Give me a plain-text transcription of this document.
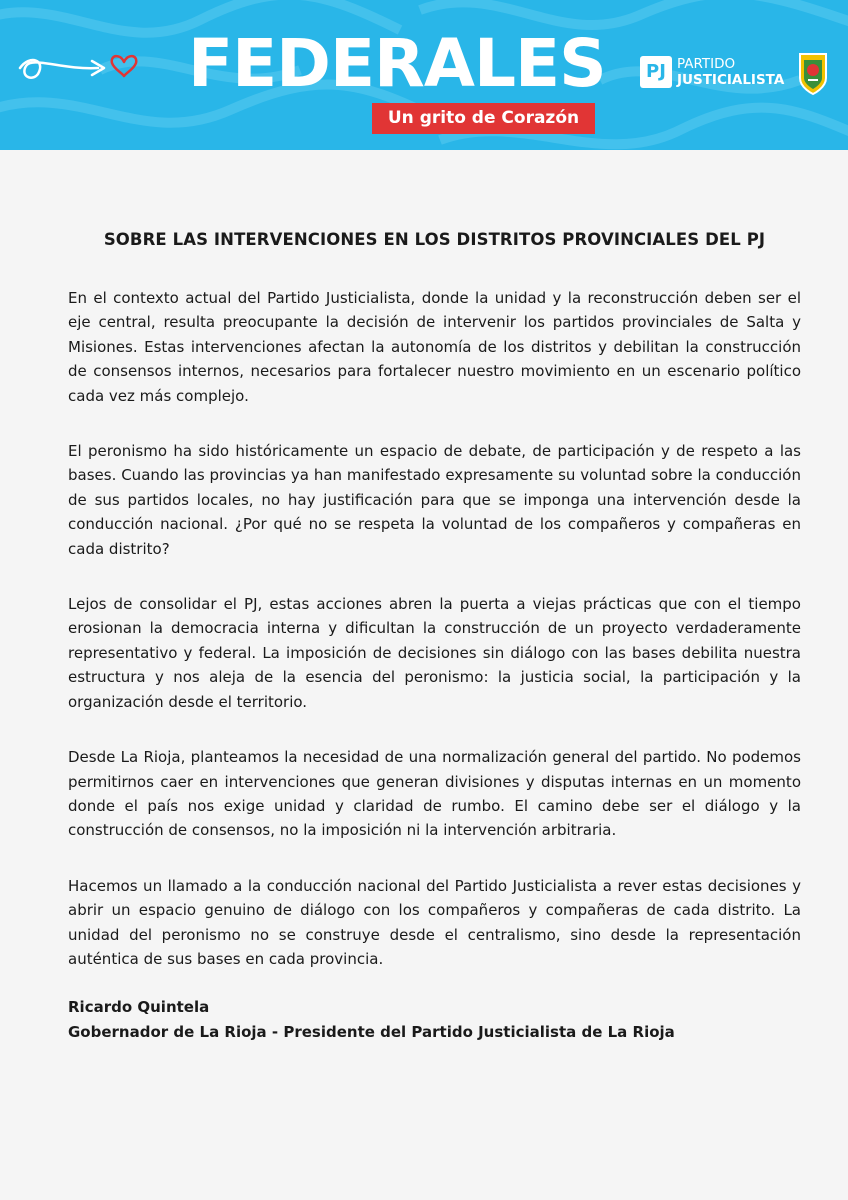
FEDERALES
Un grito de Corazón
PJ PARTIDO
JUSTICIALISTA
SOBRE LAS INTERVENCIONES EN LOS DISTRITOS PROVINCIALES DEL PJ

En el contexto actual del Partido Justicialista, donde la unidad y la reconstrucción deben ser el eje central, resulta preocupante la decisión de intervenir los partidos provinciales de Salta y Misiones. Estas intervenciones afectan la autonomía de los distritos y debilitan la construcción de consensos internos, necesarios para fortalecer nuestro movimiento en un escenario político cada vez más complejo.

El peronismo ha sido históricamente un espacio de debate, de participación y de respeto a las bases. Cuando las provincias ya han manifestado expresamente su voluntad sobre la conducción de sus partidos locales, no hay justificación para que se imponga una intervención desde la conducción nacional. ¿Por qué no se respeta la voluntad de los compañeros y compañeras en cada distrito?

Lejos de consolidar el PJ, estas acciones abren la puerta a viejas prácticas que con el tiempo erosionan la democracia interna y dificultan la construcción de un proyecto verdaderamente representativo y federal. La imposición de decisiones sin diálogo con las bases debilita nuestra estructura y nos aleja de la esencia del peronismo: la justicia social, la participación y la organización desde el territorio.

Desde La Rioja, planteamos la necesidad de una normalización general del partido. No podemos permitirnos caer en intervenciones que generan divisiones y disputas internas en un momento donde el país nos exige unidad y claridad de rumbo. El camino debe ser el diálogo y la construcción de consensos, no la imposición ni la intervención arbitraria.

Hacemos un llamado a la conducción nacional del Partido Justicialista a rever estas decisiones y abrir un espacio genuino de diálogo con los compañeros y compañeras de cada distrito. La unidad del peronismo no se construye desde el centralismo, sino desde la representación auténtica de sus bases en cada provincia.

Ricardo Quintela
Gobernador de La Rioja - Presidente del Partido Justicialista de La Rioja
